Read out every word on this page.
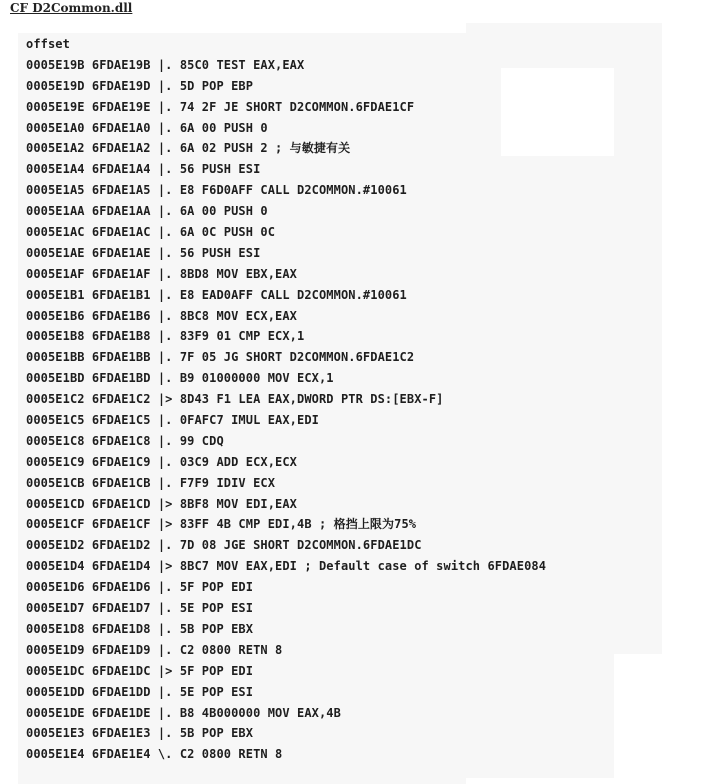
CF D2Common.dll
offset
0005E19B 6FDAE19B |. 85C0 TEST EAX,EAX
0005E19D 6FDAE19D |. 5D POP EBP
0005E19E 6FDAE19E |. 74 2F JE SHORT D2COMMON.6FDAE1CF
0005E1A0 6FDAE1A0 |. 6A 00 PUSH 0
0005E1A2 6FDAE1A2 |. 6A 02 PUSH 2 ; 与敏捷有关
0005E1A4 6FDAE1A4 |. 56 PUSH ESI
0005E1A5 6FDAE1A5 |. E8 F6D0AFF CALL D2COMMON.#10061
0005E1AA 6FDAE1AA |. 6A 00 PUSH 0
0005E1AC 6FDAE1AC |. 6A 0C PUSH 0C
0005E1AE 6FDAE1AE |. 56 PUSH ESI
0005E1AF 6FDAE1AF |. 8BD8 MOV EBX,EAX
0005E1B1 6FDAE1B1 |. E8 EAD0AFF CALL D2COMMON.#10061
0005E1B6 6FDAE1B6 |. 8BC8 MOV ECX,EAX
0005E1B8 6FDAE1B8 |. 83F9 01 CMP ECX,1
0005E1BB 6FDAE1BB |. 7F 05 JG SHORT D2COMMON.6FDAE1C2
0005E1BD 6FDAE1BD |. B9 01000000 MOV ECX,1
0005E1C2 6FDAE1C2 |> 8D43 F1 LEA EAX,DWORD PTR DS:[EBX-F]
0005E1C5 6FDAE1C5 |. 0FAFC7 IMUL EAX,EDI
0005E1C8 6FDAE1C8 |. 99 CDQ
0005E1C9 6FDAE1C9 |. 03C9 ADD ECX,ECX
0005E1CB 6FDAE1CB |. F7F9 IDIV ECX
0005E1CD 6FDAE1CD |> 8BF8 MOV EDI,EAX
0005E1CF 6FDAE1CF |> 83FF 4B CMP EDI,4B ; 格挡上限为75%
0005E1D2 6FDAE1D2 |. 7D 08 JGE SHORT D2COMMON.6FDAE1DC
0005E1D4 6FDAE1D4 |> 8BC7 MOV EAX,EDI ; Default case of switch 6FDAE084
0005E1D6 6FDAE1D6 |. 5F POP EDI
0005E1D7 6FDAE1D7 |. 5E POP ESI
0005E1D8 6FDAE1D8 |. 5B POP EBX
0005E1D9 6FDAE1D9 |. C2 0800 RETN 8
0005E1DC 6FDAE1DC |> 5F POP EDI
0005E1DD 6FDAE1DD |. 5E POP ESI
0005E1DE 6FDAE1DE |. B8 4B000000 MOV EAX,4B
0005E1E3 6FDAE1E3 |. 5B POP EBX
0005E1E4 6FDAE1E4 \. C2 0800 RETN 8
